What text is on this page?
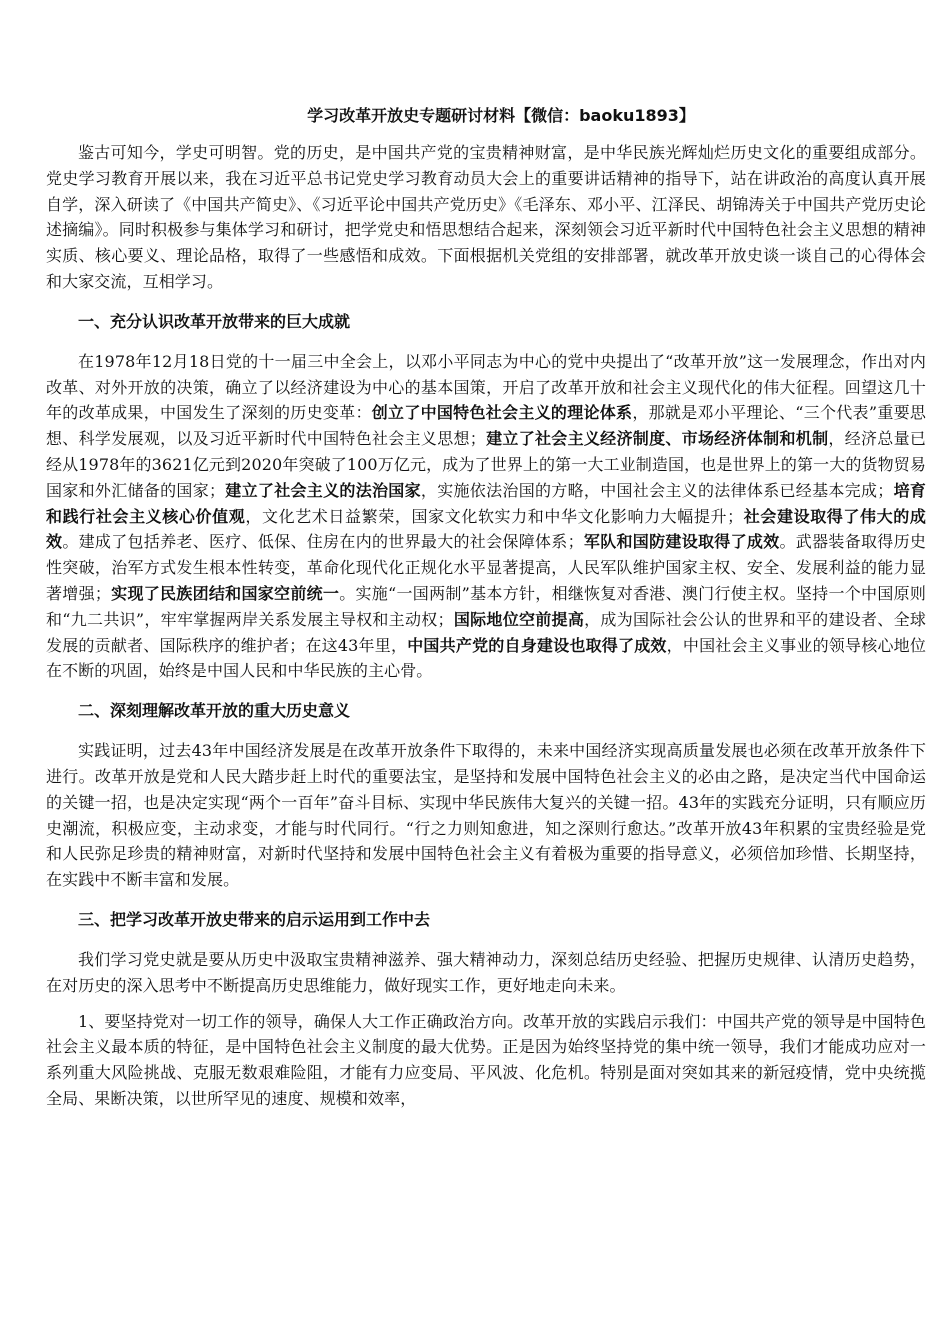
学习改革开放史专题研讨材料【微信：baoku1893】

鉴古可知今，学史可明智。党的历史，是中国共产党的宝贵精神财富，是中华民族光辉灿烂历史文化的重要组成部分。党史学习教育开展以来，我在习近平总书记党史学习教育动员大会上的重要讲话精神的指导下，站在讲政治的高度认真开展自学，深入研读了《中国共产简史》、《习近平论中国共产党历史》《毛泽东、邓小平、江泽民、胡锦涛关于中国共产党历史论述摘编》。同时积极参与集体学习和研讨，把学党史和悟思想结合起来，深刻领会习近平新时代中国特色社会主义思想的精神实质、核心要义、理论品格，取得了一些感悟和成效。下面根据机关党组的安排部署，就改革开放史谈一谈自己的心得体会和大家交流，互相学习。

一、充分认识改革开放带来的巨大成就

在1978年12月18日党的十一届三中全会上，以邓小平同志为中心的党中央提出了“改革开放”这一发展理念，作出对内改革、对外开放的决策，确立了以经济建设为中心的基本国策，开启了改革开放和社会主义现代化的伟大征程。回望这几十年的改革成果，中国发生了深刻的历史变革：创立了中国特色社会主义的理论体系，那就是邓小平理论、“三个代表”重要思想、科学发展观，以及习近平新时代中国特色社会主义思想；建立了社会主义经济制度、市场经济体制和机制，经济总量已经从1978年的3621亿元到2020年突破了100万亿元，成为了世界上的第一大工业制造国，也是世界上的第一大的货物贸易国家和外汇储备的国家；建立了社会主义的法治国家，实施依法治国的方略，中国社会主义的法律体系已经基本完成；培育和践行社会主义核心价值观，文化艺术日益繁荣，国家文化软实力和中华文化影响力大幅提升；社会建设取得了伟大的成效。建成了包括养老、医疗、低保、住房在内的世界最大的社会保障体系；军队和国防建设取得了成效。武器装备取得历史性突破，治军方式发生根本性转变，革命化现代化正规化水平显著提高，人民军队维护国家主权、安全、发展利益的能力显著增强；实现了民族团结和国家空前统一。实施“一国两制”基本方针，相继恢复对香港、澳门行使主权。坚持一个中国原则和“九二共识”，牢牢掌握两岸关系发展主导权和主动权；国际地位空前提高，成为国际社会公认的世界和平的建设者、全球发展的贡献者、国际秩序的维护者；在这43年里，中国共产党的自身建设也取得了成效，中国社会主义事业的领导核心地位在不断的巩固，始终是中国人民和中华民族的主心骨。

二、深刻理解改革开放的重大历史意义

实践证明，过去43年中国经济发展是在改革开放条件下取得的，未来中国经济实现高质量发展也必须在改革开放条件下进行。改革开放是党和人民大踏步赶上时代的重要法宝，是坚持和发展中国特色社会主义的必由之路，是决定当代中国命运的关键一招，也是决定实现“两个一百年”奋斗目标、实现中华民族伟大复兴的关键一招。43年的实践充分证明，只有顺应历史潮流，积极应变，主动求变，才能与时代同行。“行之力则知愈进，知之深则行愈达。”改革开放43年积累的宝贵经验是党和人民弥足珍贵的精神财富，对新时代坚持和发展中国特色社会主义有着极为重要的指导意义，必须倍加珍惜、长期坚持，在实践中不断丰富和发展。

三、把学习改革开放史带来的启示运用到工作中去

我们学习党史就是要从历史中汲取宝贵精神滋养、强大精神动力，深刻总结历史经验、把握历史规律、认清历史趋势，在对历史的深入思考中不断提高历史思维能力，做好现实工作，更好地走向未来。

1、要坚持党对一切工作的领导，确保人大工作正确政治方向。改革开放的实践启示我们：中国共产党的领导是中国特色社会主义最本质的特征，是中国特色社会主义制度的最大优势。正是因为始终坚持党的集中统一领导，我们才能成功应对一系列重大风险挑战、克服无数艰难险阻，才能有力应变局、平风波、化危机。特别是面对突如其来的新冠疫情，党中央统揽全局、果断决策，以世所罕见的速度、规模和效率，
